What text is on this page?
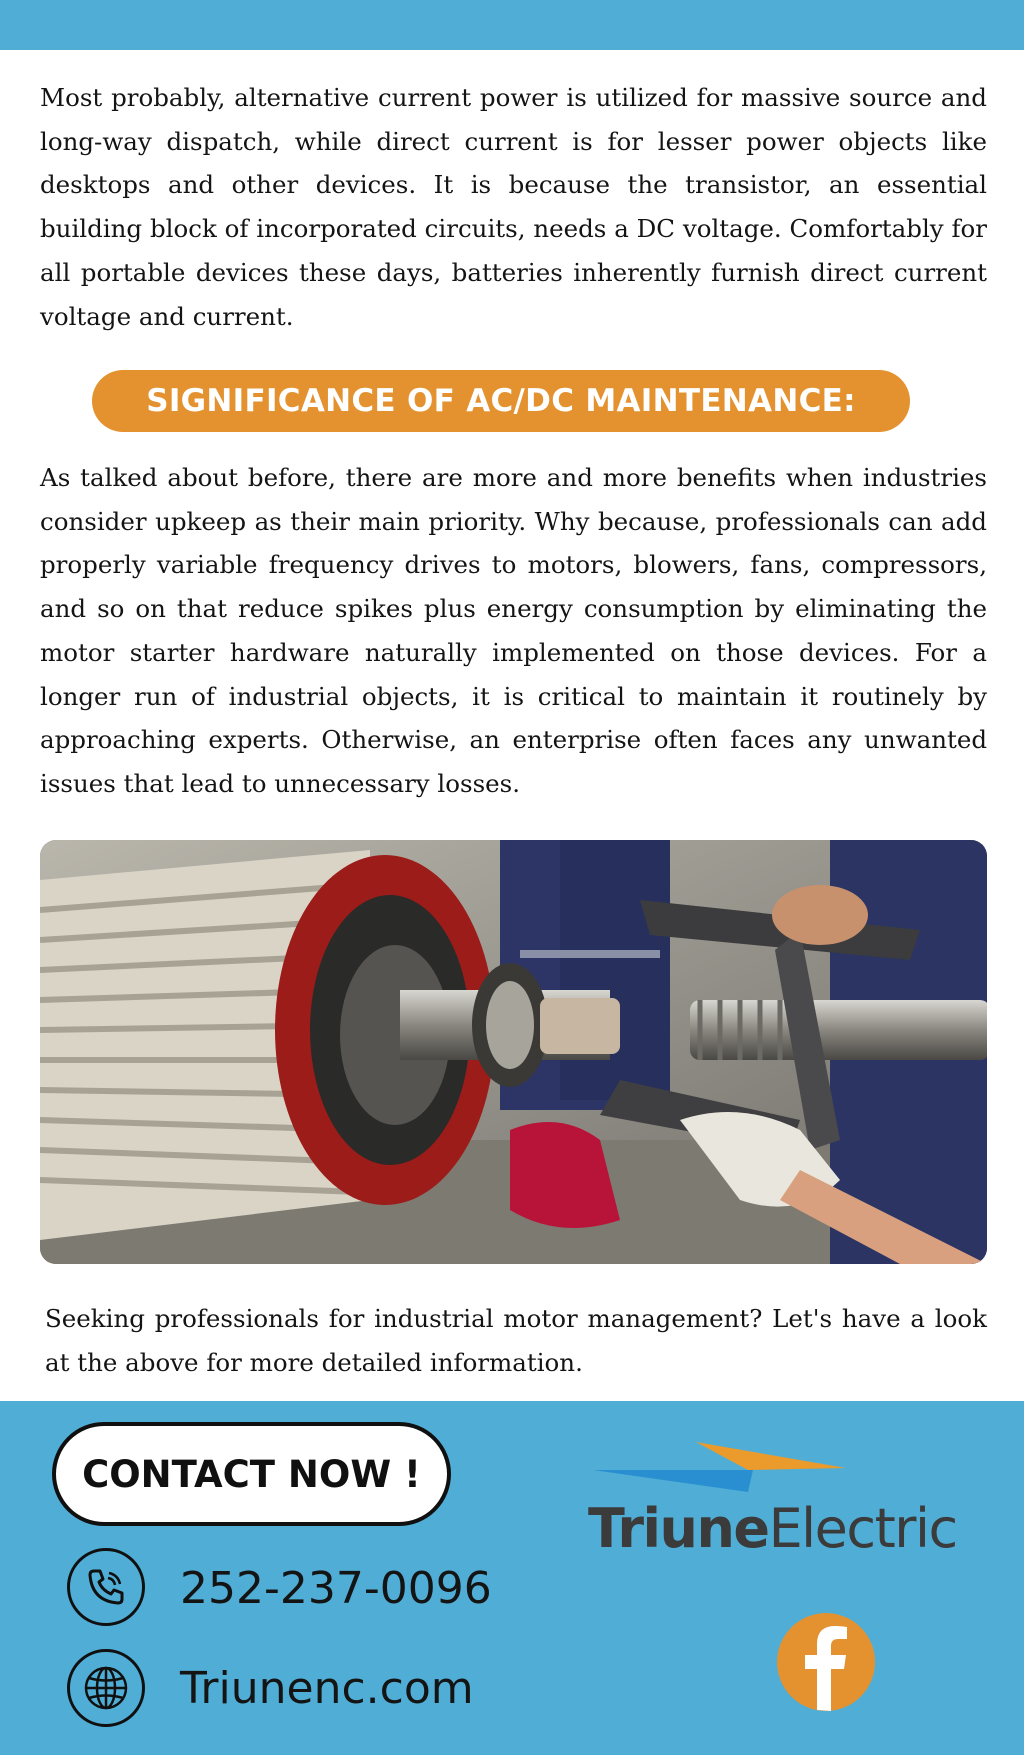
Most probably, alternative current power is utilized for massive source and long-way dispatch, while direct current is for lesser power objects like desktops and other devices. It is because the transistor, an essential building block of incorporated circuits, needs a DC voltage. Comfortably for all portable devices these days, batteries inherently furnish direct current voltage and current.

SIGNIFICANCE OF AC/DC MAINTENANCE:

As talked about before, there are more and more benefits when industries consider upkeep as their main priority. Why because, professionals can add properly variable frequency drives to motors, blowers, fans, compressors, and so on that reduce spikes plus energy consumption by eliminating the motor starter hardware naturally implemented on those devices. For a longer run of industrial objects, it is critical to maintain it routinely by approaching experts. Otherwise, an enterprise often faces any unwanted issues that lead to unnecessary losses.

Seeking professionals for industrial motor management? Let's have a look at the above for more detailed information.

CONTACT NOW !
252-237-0096
Triunenc.com
TriuneElectric
